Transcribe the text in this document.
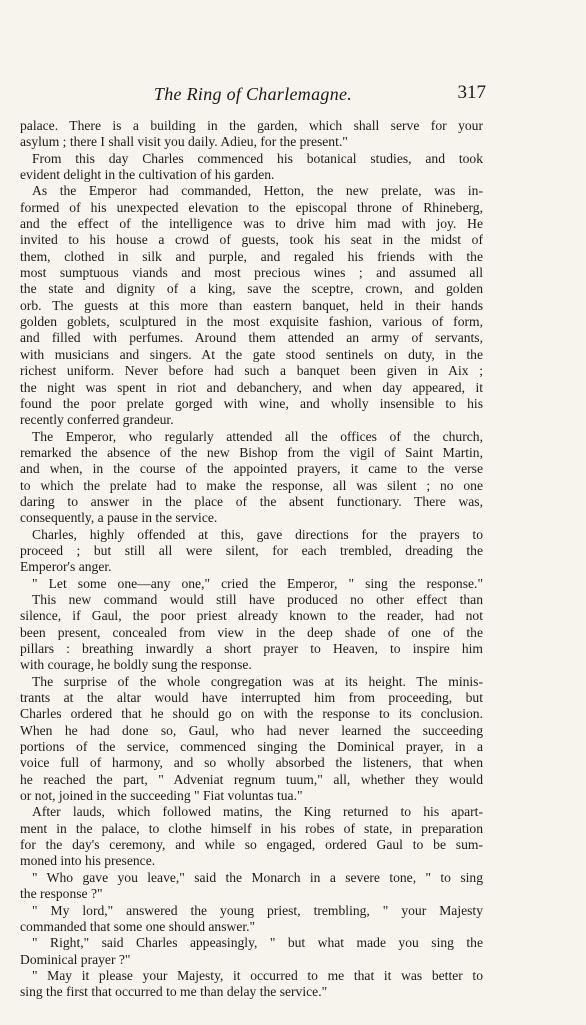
The Ring of Charlemagne.	317
palace. There is a building in the garden, which shall serve for your
asylum ; there I shall visit you daily. Adieu, for the present."
From this day Charles commenced his botanical studies, and took
evident delight in the cultivation of his garden.
As the Emperor had commanded, Hetton, the new prelate, was in-
formed of his unexpected elevation to the episcopal throne of Rhineberg,
and the effect of the intelligence was to drive him mad with joy. He
invited to his house a crowd of guests, took his seat in the midst of
them, clothed in silk and purple, and regaled his friends with the
most sumptuous viands and most precious wines ; and assumed all
the state and dignity of a king, save the sceptre, crown, and golden
orb. The guests at this more than eastern banquet, held in their hands
golden goblets, sculptured in the most exquisite fashion, various of form,
and filled with perfumes. Around them attended an army of servants,
with musicians and singers. At the gate stood sentinels on duty, in the
richest uniform. Never before had such a banquet been given in Aix ;
the night was spent in riot and debanchery, and when day appeared, it
found the poor prelate gorged with wine, and wholly insensible to his
recently conferred grandeur.
The Emperor, who regularly attended all the offices of the church,
remarked the absence of the new Bishop from the vigil of Saint Martin,
and when, in the course of the appointed prayers, it came to the verse
to which the prelate had to make the response, all was silent ; no one
daring to answer in the place of the absent functionary. There was,
consequently, a pause in the service.
Charles, highly offended at this, gave directions for the prayers to
proceed ; but still all were silent, for each trembled, dreading the
Emperor's anger.
" Let some one—any one," cried the Emperor, " sing the response."
This new command would still have produced no other effect than
silence, if Gaul, the poor priest already known to the reader, had not
been present, concealed from view in the deep shade of one of the
pillars : breathing inwardly a short prayer to Heaven, to inspire him
with courage, he boldly sung the response.
The surprise of the whole congregation was at its height. The minis-
trants at the altar would have interrupted him from proceeding, but
Charles ordered that he should go on with the response to its conclusion.
When he had done so, Gaul, who had never learned the succeeding
portions of the service, commenced singing the Dominical prayer, in a
voice full of harmony, and so wholly absorbed the listeners, that when
he reached the part, " Adveniat regnum tuum," all, whether they would
or not, joined in the succeeding " Fiat voluntas tua."
After lauds, which followed matins, the King returned to his apart-
ment in the palace, to clothe himself in his robes of state, in preparation
for the day's ceremony, and while so engaged, ordered Gaul to be sum-
moned into his presence.
" Who gave you leave," said the Monarch in a severe tone, " to sing
the response ?"
" My lord," answered the young priest, trembling, " your Majesty
commanded that some one should answer."
" Right," said Charles appeasingly, " but what made you sing the
Dominical prayer ?"
" May it please your Majesty, it occurred to me that it was better to
sing the first that occurred to me than delay the service."
